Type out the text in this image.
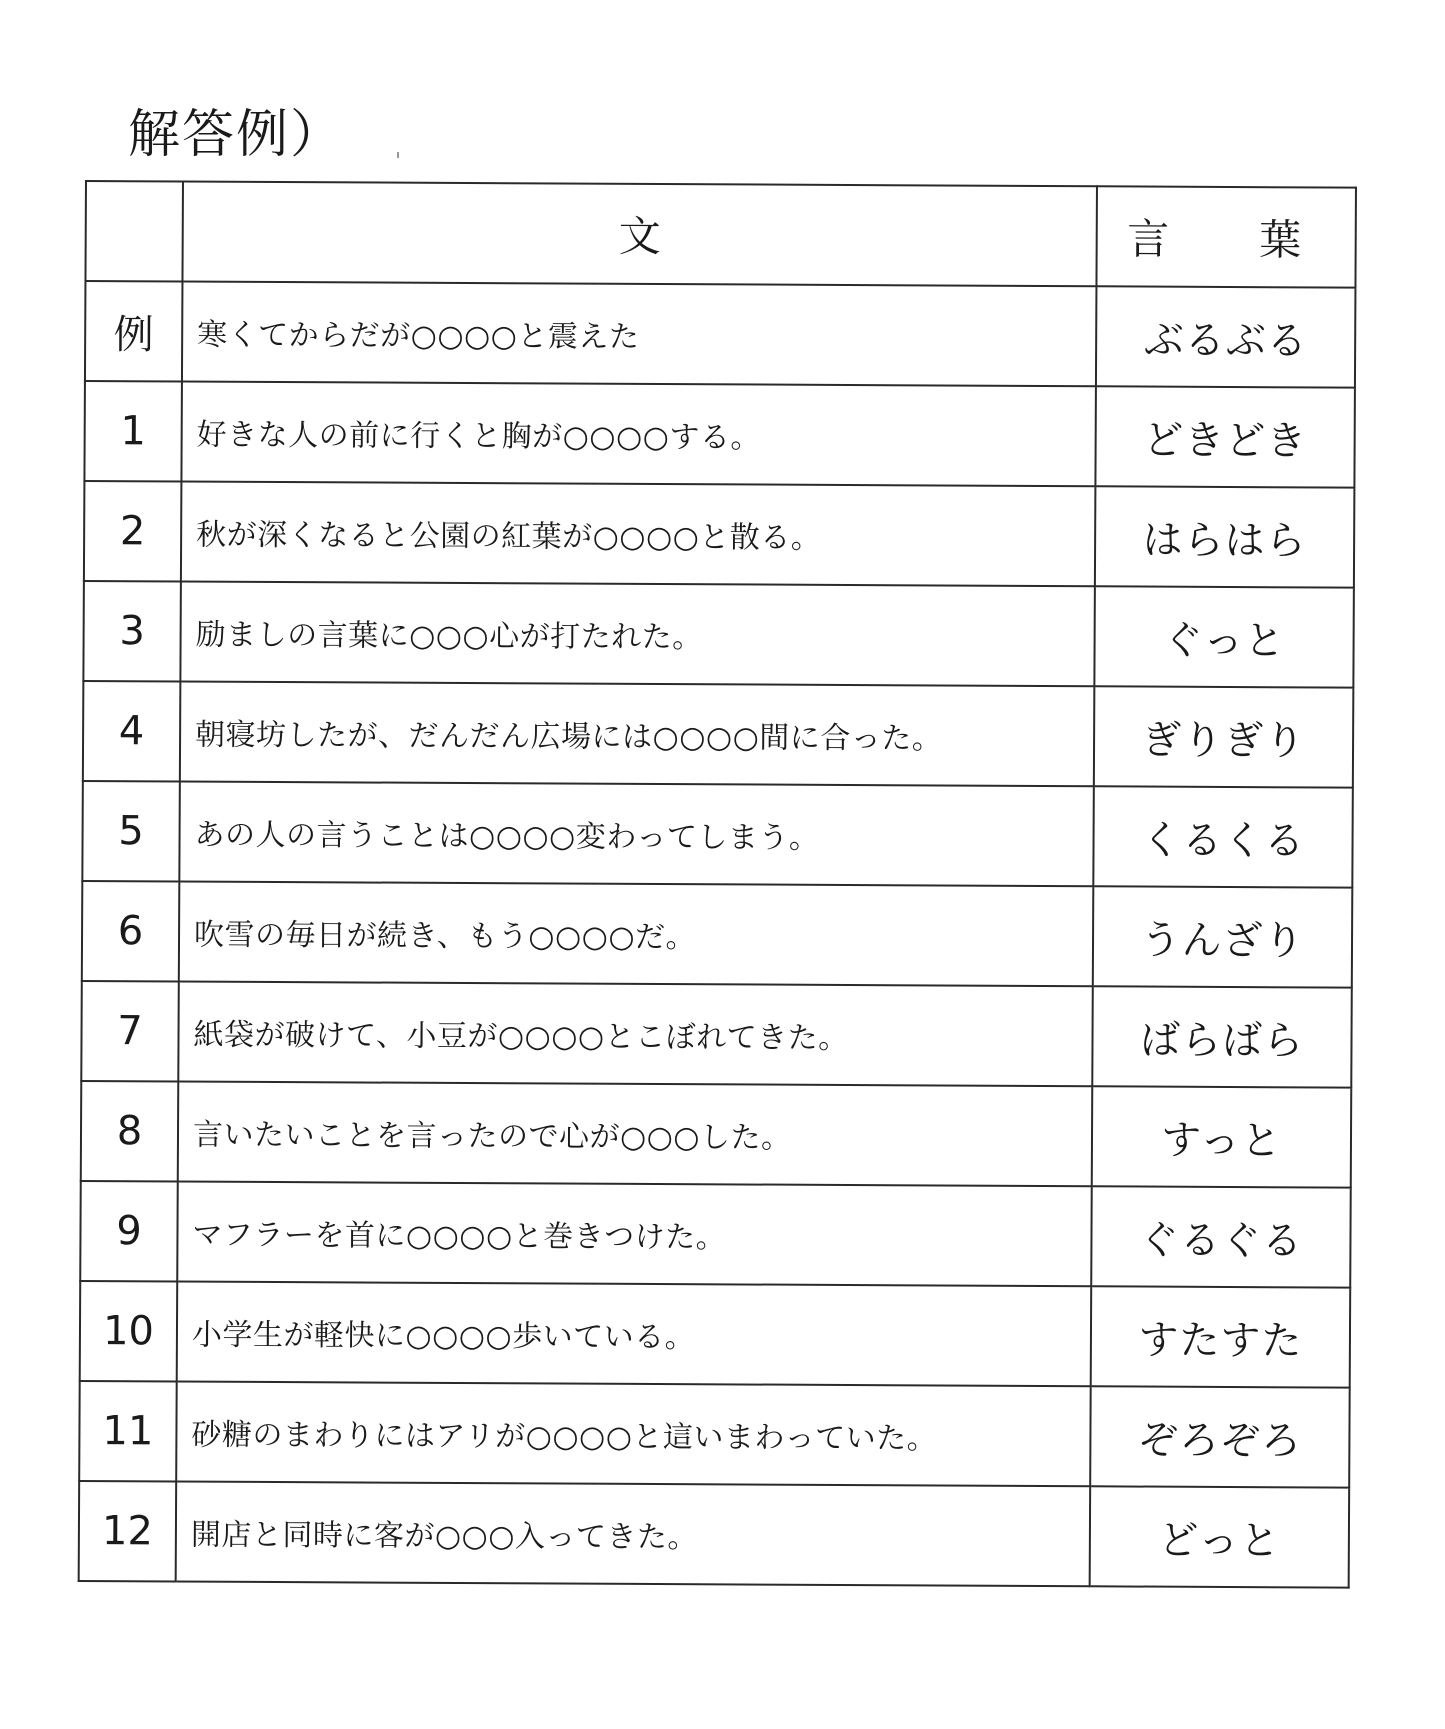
解答例）
	文	言　葉
例	寒くてからだが○○○○と震えた	ぶるぶる
1	好きな人の前に行くと胸が○○○○する。	どきどき
2	秋が深くなると公園の紅葉が○○○○と散る。	はらはら
3	励ましの言葉に○○○心が打たれた。	ぐっと
4	朝寝坊したが、だんだん広場には○○○○間に合った。	ぎりぎり
5	あの人の言うことは○○○○変わってしまう。	くるくる
6	吹雪の毎日が続き、もう○○○○だ。	うんざり
7	紙袋が破けて、小豆が○○○○とこぼれてきた。	ばらばら
8	言いたいことを言ったので心が○○○した。	すっと
9	マフラーを首に○○○○と巻きつけた。	ぐるぐる
10	小学生が軽快に○○○○歩いている。	すたすた
11	砂糖のまわりにはアリが○○○○と這いまわっていた。	ぞろぞろ
12	開店と同時に客が○○○入ってきた。	どっと
